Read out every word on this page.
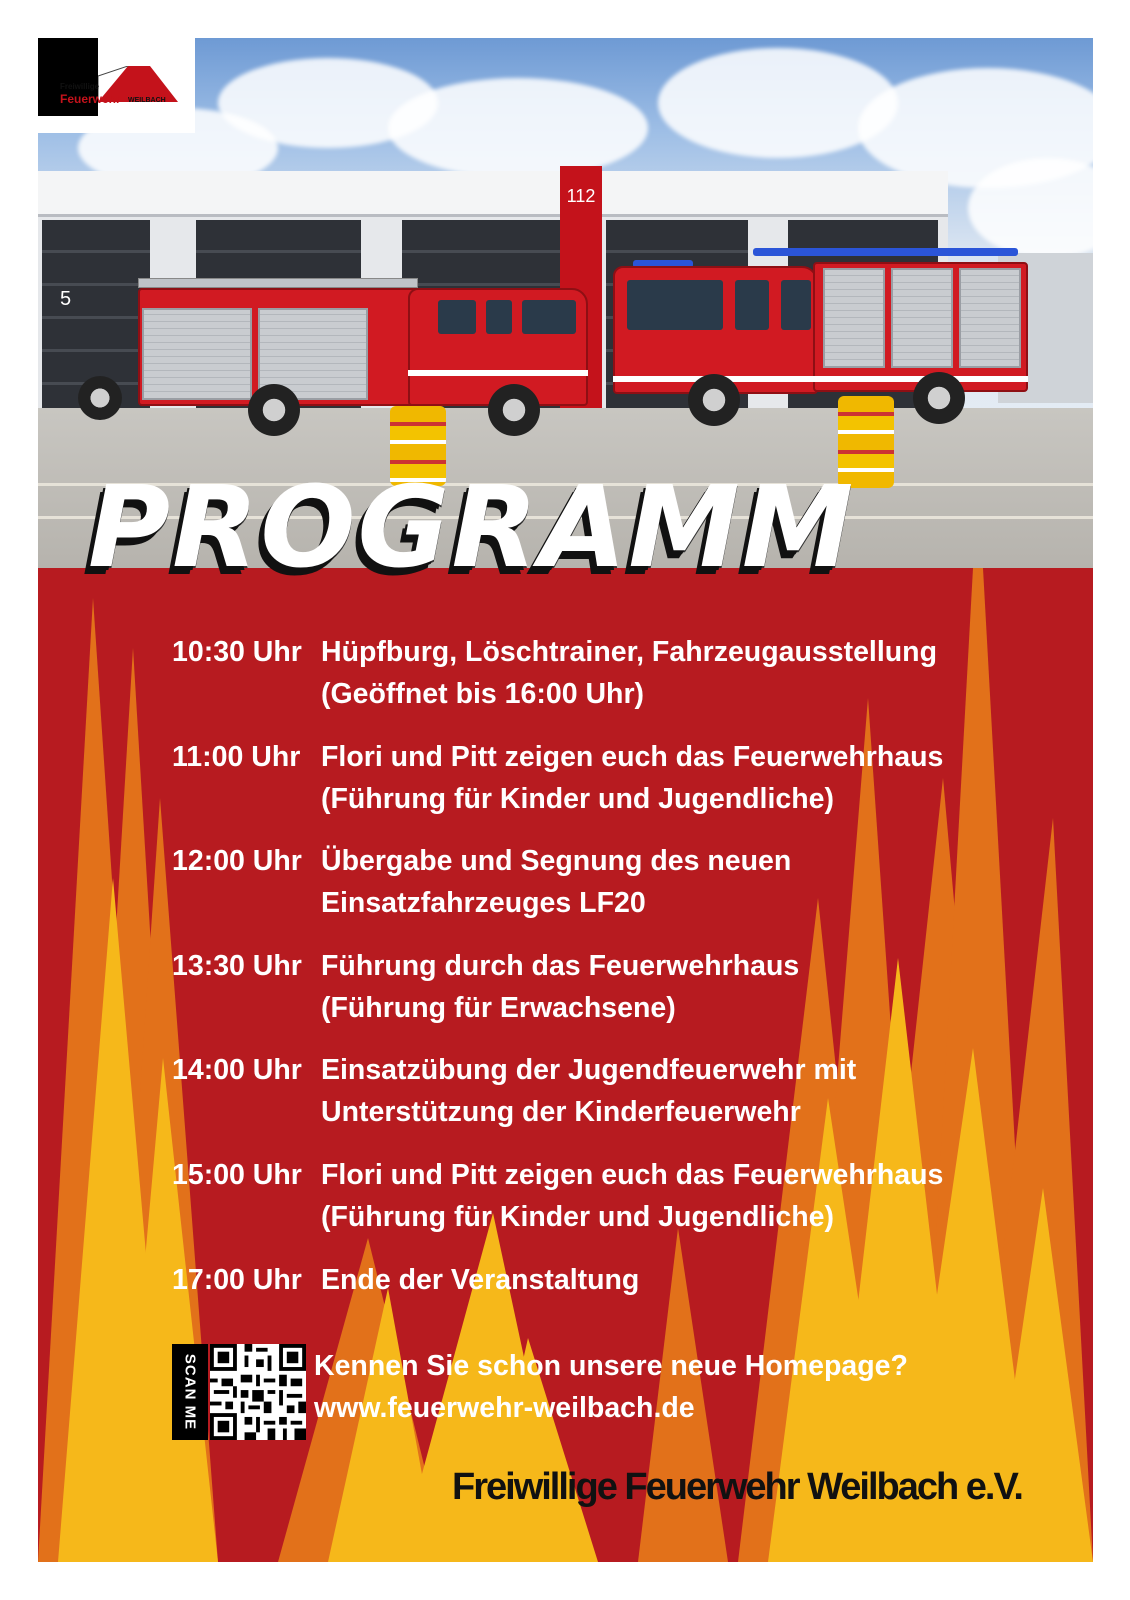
112
5
Freiwillige
Feuerwehr WEILBACH
PROGRAMM
10:30 Uhr Hüpfburg, Löschtrainer, Fahrzeugausstellung
(Geöffnet bis 16:00 Uhr)
11:00 Uhr Flori und Pitt zeigen euch das Feuerwehrhaus
(Führung für Kinder und Jugendliche)
12:00 Uhr Übergabe und Segnung des neuen
Einsatzfahrzeuges LF20
13:30 Uhr Führung durch das Feuerwehrhaus
(Führung für Erwachsene)
14:00 Uhr Einsatzübung der Jugendfeuerwehr mit
Unterstützung der Kinderfeuerwehr
15:00 Uhr Flori und Pitt zeigen euch das Feuerwehrhaus
(Führung für Kinder und Jugendliche)
17:00 Uhr Ende der Veranstaltung
SCAN ME	Kennen Sie schon unsere neue Homepage?
www.feuerwehr-weilbach.de
Freiwillige Feuerwehr Weilbach e.V.
